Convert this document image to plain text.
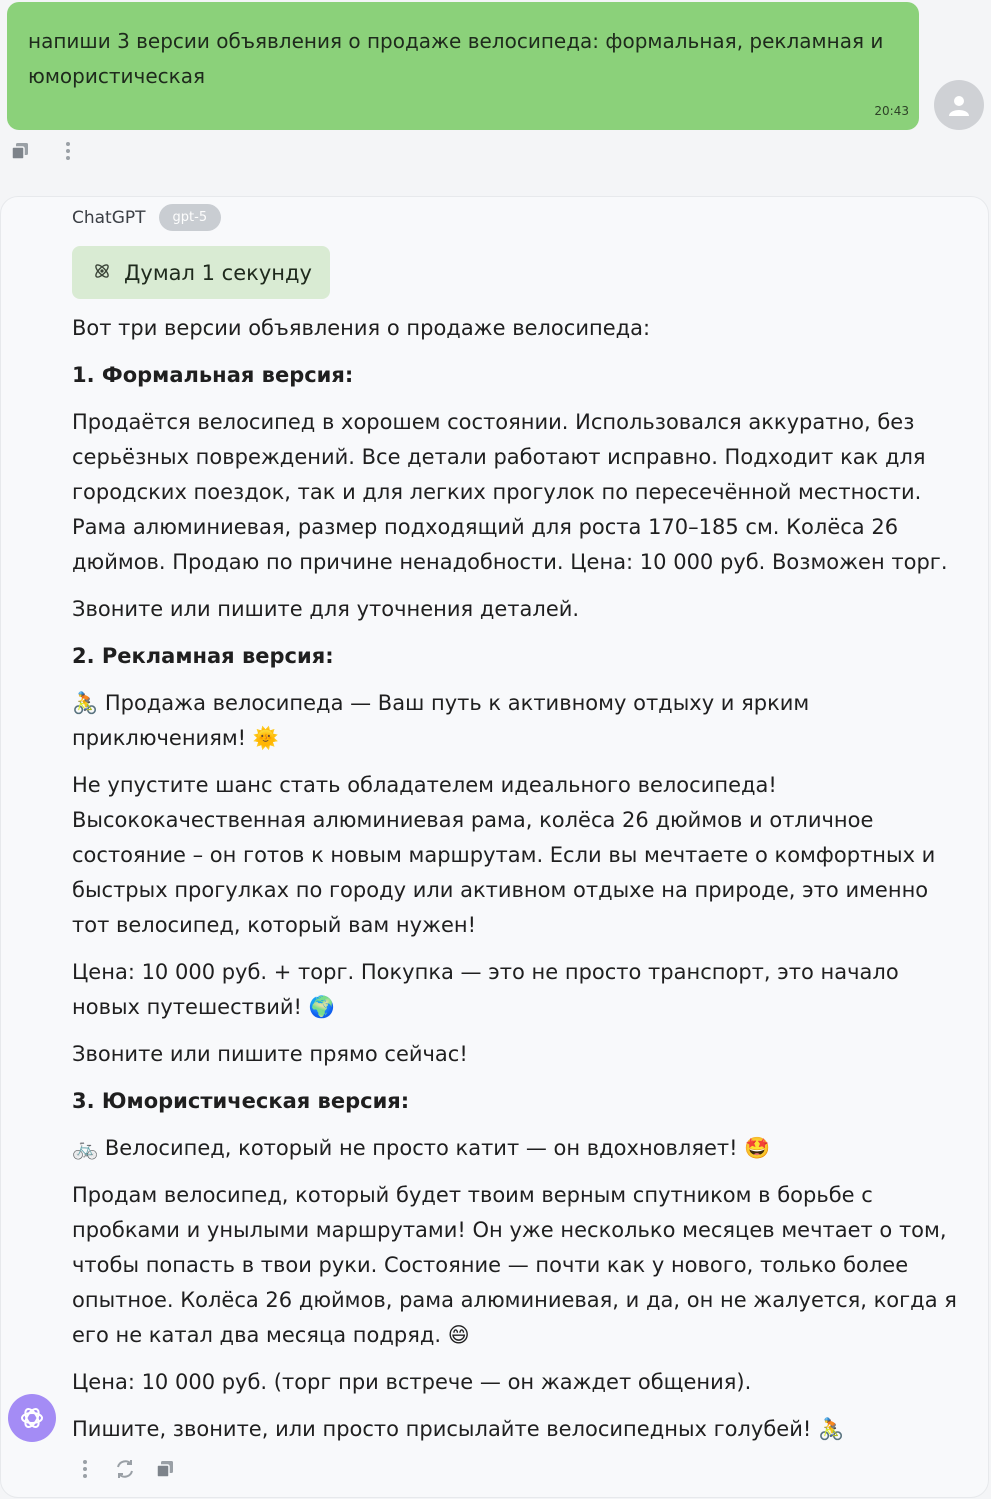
напиши 3 версии объявления о продаже велосипеда: формальная, рекламная и юмористическая
20:43
ChatGPT	gpt-5
Думал 1 секунду

Вот три версии объявления о продаже велосипеда:

1. Формальная версия:

Продаётся велосипед в хорошем состоянии. Использовался аккуратно, без серьёзных повреждений. Все детали работают исправно. Подходит как для городских поездок, так и для легких прогулок по пересечённой местности. Рама алюминиевая, размер подходящий для роста 170–185 см. Колёса 26 дюймов. Продаю по причине ненадобности. Цена: 10 000 руб. Возможен торг.

Звоните или пишите для уточнения деталей.

2. Рекламная версия:

🚴 Продажа велосипеда — Ваш путь к активному отдыху и ярким приключениям! 🌞

Не упустите шанс стать обладателем идеального велосипеда! Высококачественная алюминиевая рама, колёса 26 дюймов и отличное состояние – он готов к новым маршрутам. Если вы мечтаете о комфортных и быстрых прогулках по городу или активном отдыхе на природе, это именно тот велосипед, который вам нужен!

Цена: 10 000 руб. + торг. Покупка — это не просто транспорт, это начало новых путешествий! 🌍

Звоните или пишите прямо сейчас!

3. Юмористическая версия:

🚲 Велосипед, который не просто катит — он вдохновляет! 🤩

Продам велосипед, который будет твоим верным спутником в борьбе с пробками и унылыми маршрутами! Он уже несколько месяцев мечтает о том, чтобы попасть в твои руки. Состояние — почти как у нового, только более опытное. Колёса 26 дюймов, рама алюминиевая, и да, он не жалуется, когда я его не катал два месяца подряд. 😄

Цена: 10 000 руб. (торг при встрече — он жаждет общения).

Пишите, звоните, или просто присылайте велосипедных голубей! 🚴
